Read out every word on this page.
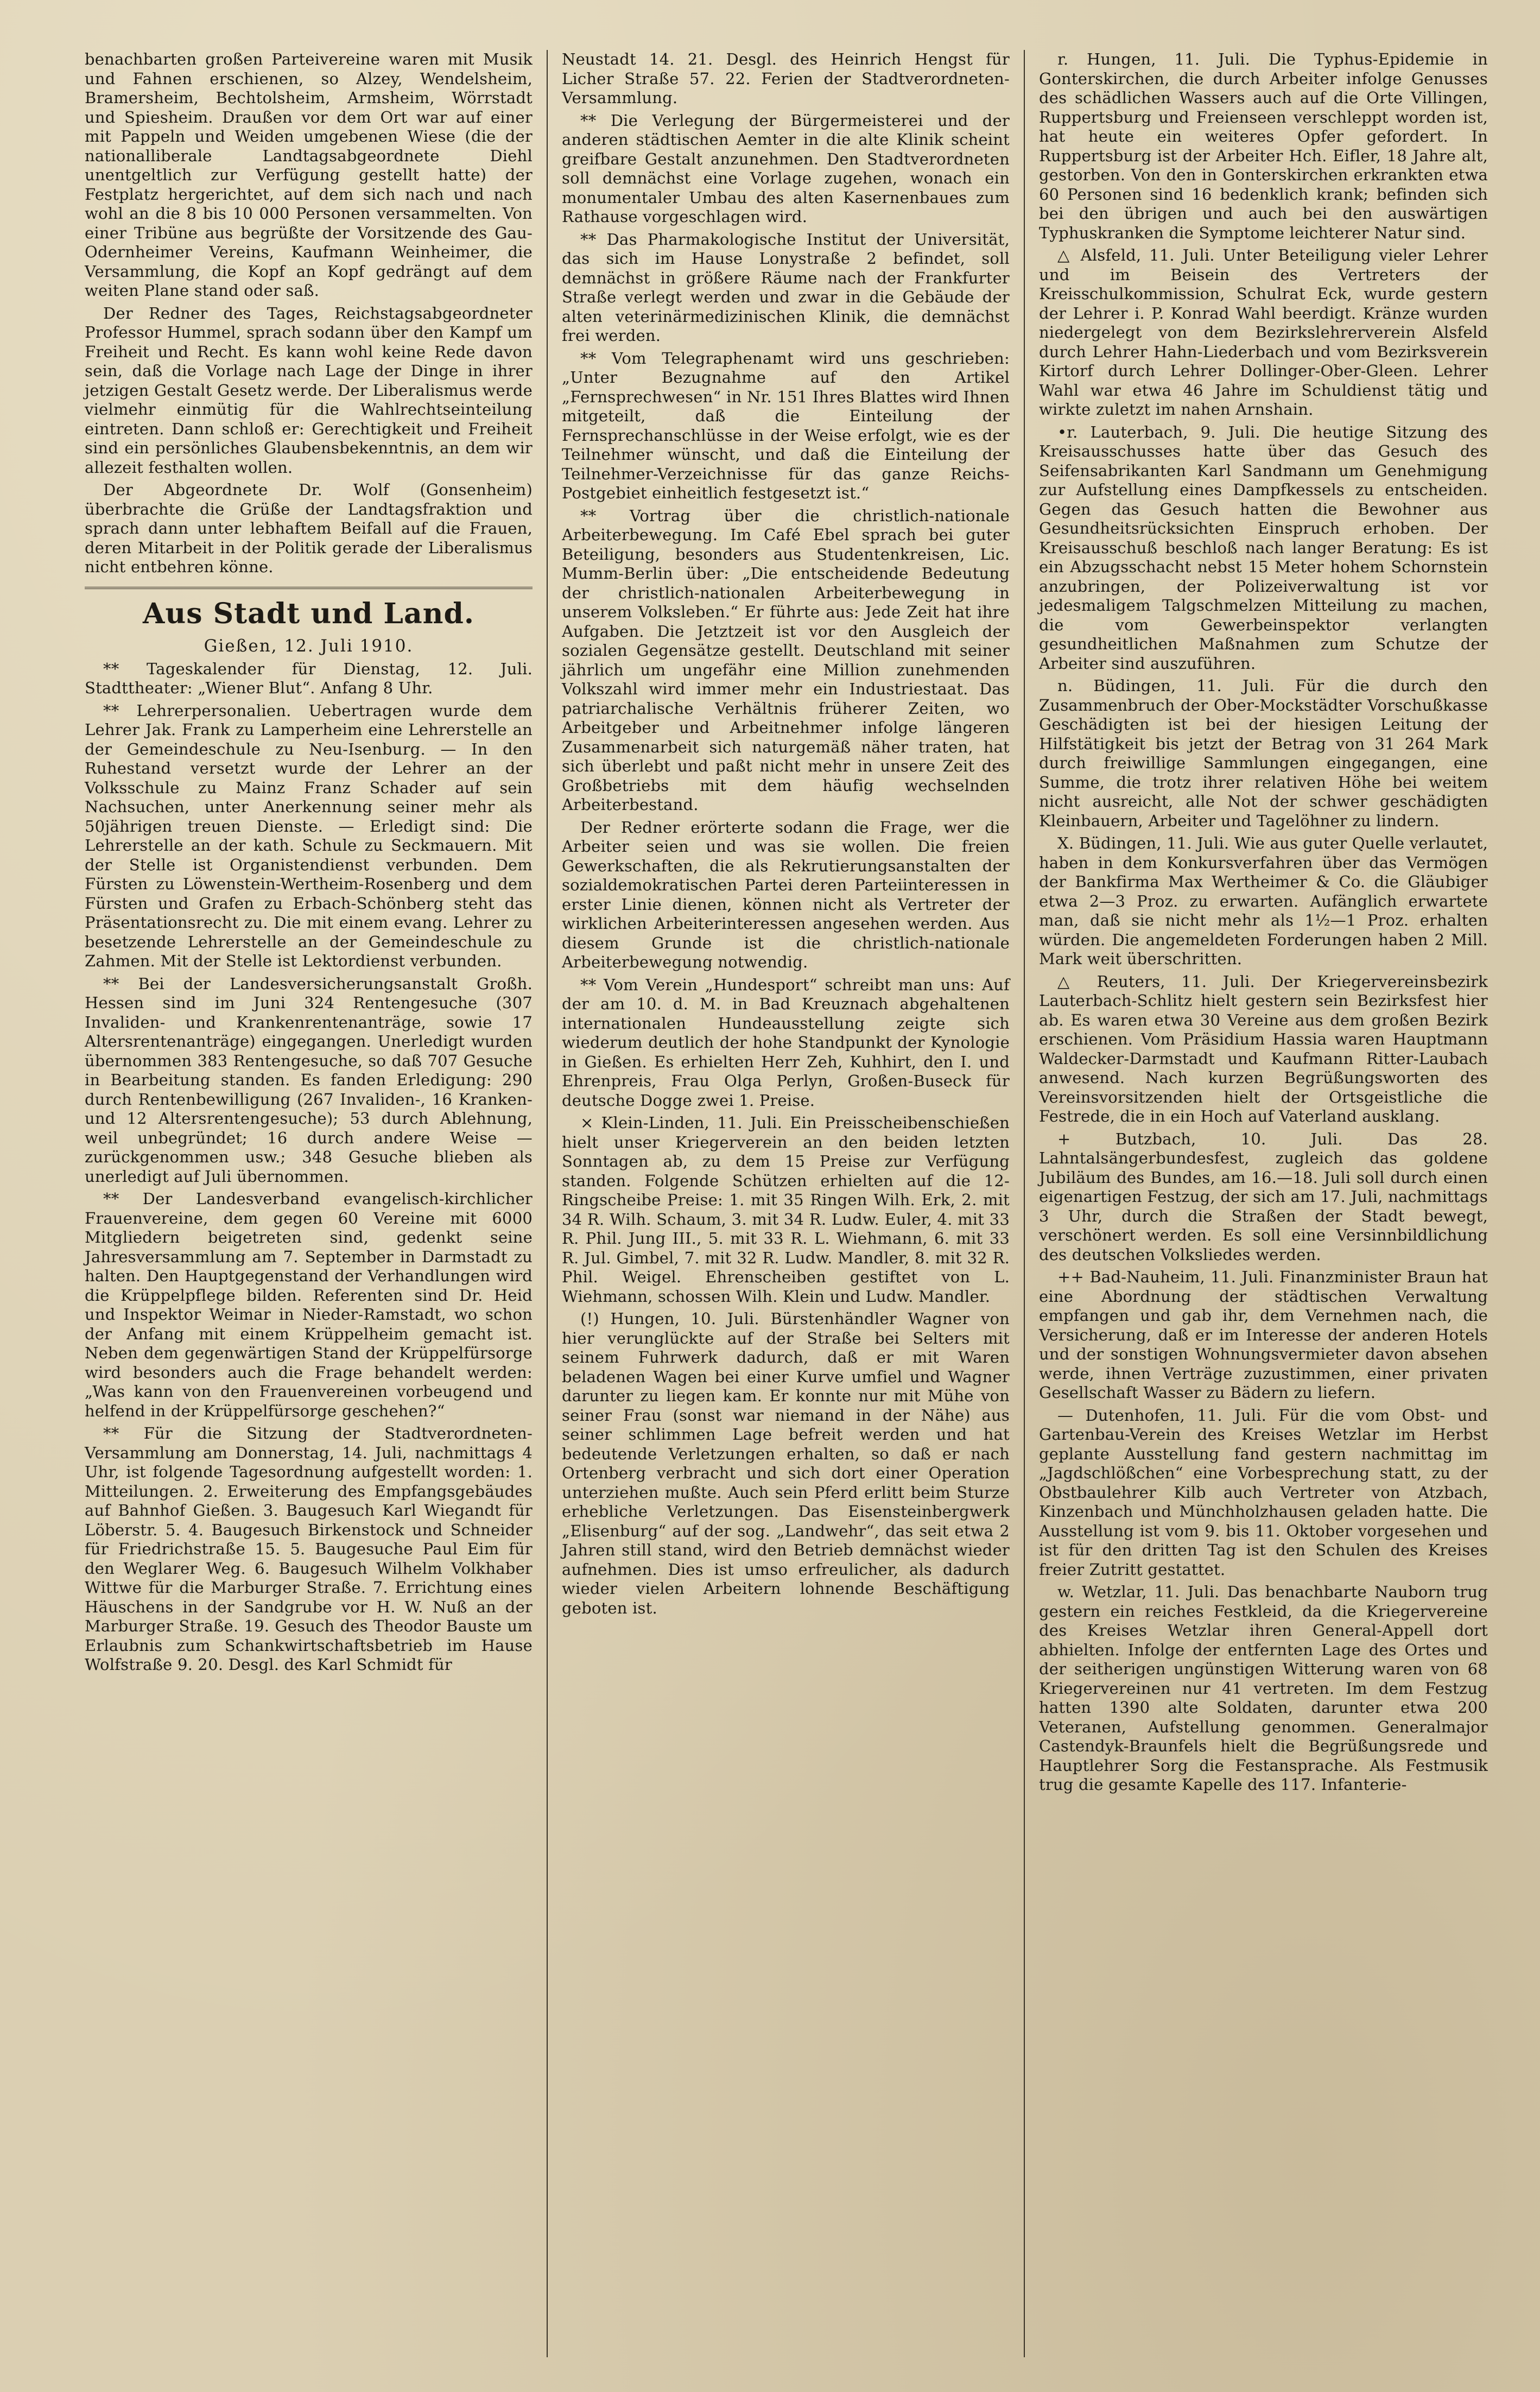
benachbarten großen Parteivereine waren mit Musik und Fahnen erschienen, so Alzey, Wendelsheim, Bramersheim, Bechtolsheim, Armsheim, Wörrstadt und Spiesheim. Draußen vor dem Ort war auf einer mit Pappeln und Weiden umgebenen Wiese (die der nationalliberale Landtagsabgeordnete Diehl unentgeltlich zur Verfügung gestellt hatte) der Festplatz hergerichtet, auf dem sich nach und nach wohl an die 8 bis 10 000 Personen versammelten. Von einer Tribüne aus begrüßte der Vorsitzende des Gau-Odernheimer Vereins, Kaufmann Weinheimer, die Versammlung, die Kopf an Kopf gedrängt auf dem weiten Plane stand oder saß.

Der Redner des Tages, Reichstagsabgeordneter Professor Hummel, sprach sodann über den Kampf um Freiheit und Recht. Es kann wohl keine Rede davon sein, daß die Vorlage nach Lage der Dinge in ihrer jetzigen Gestalt Gesetz werde. Der Liberalismus werde vielmehr einmütig für die Wahlrechtseinteilung eintreten. Dann schloß er: Gerechtigkeit und Freiheit sind ein persönliches Glaubensbekenntnis, an dem wir allezeit festhalten wollen.

Der Abgeordnete Dr. Wolf (Gonsenheim) überbrachte die Grüße der Landtagsfraktion und sprach dann unter lebhaftem Beifall auf die Frauen, deren Mitarbeit in der Politik gerade der Liberalismus nicht entbehren könne.

Aus Stadt und Land.
Gießen, 12. Juli 1910.

** Tageskalender für Dienstag, 12. Juli. Stadttheater: „Wiener Blut“. Anfang 8 Uhr.

** Lehrerpersonalien. Uebertragen wurde dem Lehrer Jak. Frank zu Lamperheim eine Lehrerstelle an der Gemeindeschule zu Neu-Isenburg. — In den Ruhestand versetzt wurde der Lehrer an der Volksschule zu Mainz Franz Schader auf sein Nachsuchen, unter Anerkennung seiner mehr als 50jährigen treuen Dienste. — Erledigt sind: Die Lehrerstelle an der kath. Schule zu Seckmauern. Mit der Stelle ist Organistendienst verbunden. Dem Fürsten zu Löwenstein-Wertheim-Rosenberg und dem Fürsten und Grafen zu Erbach-Schönberg steht das Präsentationsrecht zu. Die mit einem evang. Lehrer zu besetzende Lehrerstelle an der Gemeindeschule zu Zahmen. Mit der Stelle ist Lektordienst verbunden.

** Bei der Landesversicherungsanstalt Großh. Hessen sind im Juni 324 Rentengesuche (307 Invaliden- und Krankenrentenanträge, sowie 17 Altersrentenanträge) eingegangen. Unerledigt wurden übernommen 383 Rentengesuche, so daß 707 Gesuche in Bearbeitung standen. Es fanden Erledigung: 290 durch Rentenbewilligung (267 Invaliden-, 16 Kranken- und 12 Altersrentengesuche); 53 durch Ablehnung, weil unbegründet; 16 durch andere Weise — zurückgenommen usw.; 348 Gesuche blieben als unerledigt auf Juli übernommen.

** Der Landesverband evangelisch-kirchlicher Frauenvereine, dem gegen 60 Vereine mit 6000 Mitgliedern beigetreten sind, gedenkt seine Jahresversammlung am 7. September in Darmstadt zu halten. Den Hauptgegenstand der Verhandlungen wird die Krüppelpflege bilden. Referenten sind Dr. Heid und Inspektor Weimar in Nieder-Ramstadt, wo schon der Anfang mit einem Krüppelheim gemacht ist. Neben dem gegenwärtigen Stand der Krüppelfürsorge wird besonders auch die Frage behandelt werden: „Was kann von den Frauenvereinen vorbeugend und helfend in der Krüppelfürsorge geschehen?“

** Für die Sitzung der Stadtverordneten-Versammlung am Donnerstag, 14. Juli, nachmittags 4 Uhr, ist folgende Tagesordnung aufgestellt worden: 1. Mitteilungen. 2. Erweiterung des Empfangsgebäudes auf Bahnhof Gießen. 3. Baugesuch Karl Wiegandt für Löberstr. 5. 4. Baugesuch Birkenstock und Schneider für Friedrichstraße 15. 5. Baugesuche Paul Eim für den Weglarer Weg. 6. Baugesuch Wilhelm Volkhaber Wittwe für die Marburger Straße. 7. Errichtung eines Häuschens in der Sandgrube vor H. W. Nuß an der Marburger Straße. 19. Gesuch des Theodor Bauste um Erlaubnis zum Schankwirtschaftsbetrieb im Hause Wolfstraße 9. 20. Desgl. des Karl Schmidt für

Neustadt 14. 21. Desgl. des Heinrich Hengst für Licher Straße 57. 22. Ferien der Stadtverordneten-Versammlung.

** Die Verlegung der Bürgermeisterei und der anderen städtischen Aemter in die alte Klinik scheint greifbare Gestalt anzunehmen. Den Stadtverordneten soll demnächst eine Vorlage zugehen, wonach ein monumentaler Umbau des alten Kasernenbaues zum Rathause vorgeschlagen wird.

** Das Pharmakologische Institut der Universität, das sich im Hause Lonystraße 2 befindet, soll demnächst in größere Räume nach der Frankfurter Straße verlegt werden und zwar in die Gebäude der alten veterinärmedizinischen Klinik, die demnächst frei werden.

** Vom Telegraphenamt wird uns geschrieben: „Unter Bezugnahme auf den Artikel „Fernsprechwesen“ in Nr. 151 Ihres Blattes wird Ihnen mitgeteilt, daß die Einteilung der Fernsprechanschlüsse in der Weise erfolgt, wie es der Teilnehmer wünscht, und daß die Einteilung der Teilnehmer-Verzeichnisse für das ganze Reichs-Postgebiet einheitlich festgesetzt ist.“

** Vortrag über die christlich-nationale Arbeiterbewegung. Im Café Ebel sprach bei guter Beteiligung, besonders aus Studentenkreisen, Lic. Mumm-Berlin über: „Die entscheidende Bedeutung der christlich-nationalen Arbeiterbewegung in unserem Volksleben.“ Er führte aus: Jede Zeit hat ihre Aufgaben. Die Jetztzeit ist vor den Ausgleich der sozialen Gegensätze gestellt. Deutschland mit seiner jährlich um ungefähr eine Million zunehmenden Volkszahl wird immer mehr ein Industriestaat. Das patriarchalische Verhältnis früherer Zeiten, wo Arbeitgeber und Arbeitnehmer infolge längeren Zusammenarbeit sich naturgemäß näher traten, hat sich überlebt und paßt nicht mehr in unsere Zeit des Großbetriebs mit dem häufig wechselnden Arbeiterbestand.

Der Redner erörterte sodann die Frage, wer die Arbeiter seien und was sie wollen. Die freien Gewerkschaften, die als Rekrutierungsanstalten der sozialdemokratischen Partei deren Parteiinteressen in erster Linie dienen, können nicht als Vertreter der wirklichen Arbeiterinteressen angesehen werden. Aus diesem Grunde ist die christlich-nationale Arbeiterbewegung notwendig.

** Vom Verein „Hundesport“ schreibt man uns: Auf der am 10. d. M. in Bad Kreuznach abgehaltenen internationalen Hundeausstellung zeigte sich wiederum deutlich der hohe Standpunkt der Kynologie in Gießen. Es erhielten Herr Zeh, Kuhhirt, den I. und Ehrenpreis, Frau Olga Perlyn, Großen-Buseck für deutsche Dogge zwei 1. Preise.

× Klein-Linden, 11. Juli. Ein Preisscheibenschießen hielt unser Kriegerverein an den beiden letzten Sonntagen ab, zu dem 15 Preise zur Verfügung standen. Folgende Schützen erhielten auf die 12-Ringscheibe Preise: 1. mit 35 Ringen Wilh. Erk, 2. mit 34 R. Wilh. Schaum, 3. mit 34 R. Ludw. Euler, 4. mit 33 R. Phil. Jung III., 5. mit 33 R. L. Wiehmann, 6. mit 33 R. Jul. Gimbel, 7. mit 32 R. Ludw. Mandler, 8. mit 32 R. Phil. Weigel. Ehrenscheiben gestiftet von L. Wiehmann, schossen Wilh. Klein und Ludw. Mandler.

(!) Hungen, 10. Juli. Bürstenhändler Wagner von hier verunglückte auf der Straße bei Selters mit seinem Fuhrwerk dadurch, daß er mit Waren beladenen Wagen bei einer Kurve umfiel und Wagner darunter zu liegen kam. Er konnte nur mit Mühe von seiner Frau (sonst war niemand in der Nähe) aus seiner schlimmen Lage befreit werden und hat bedeutende Verletzungen erhalten, so daß er nach Ortenberg verbracht und sich dort einer Operation unterziehen mußte. Auch sein Pferd erlitt beim Sturze erhebliche Verletzungen. Das Eisensteinbergwerk „Elisenburg“ auf der sog. „Landwehr“, das seit etwa 2 Jahren still stand, wird den Betrieb demnächst wieder aufnehmen. Dies ist umso erfreulicher, als dadurch wieder vielen Arbeitern lohnende Beschäftigung geboten ist.

r. Hungen, 11. Juli. Die Typhus-Epidemie in Gonterskirchen, die durch Arbeiter infolge Genusses des schädlichen Wassers auch auf die Orte Villingen, Ruppertsburg und Freienseen verschleppt worden ist, hat heute ein weiteres Opfer gefordert. In Ruppertsburg ist der Arbeiter Hch. Eifler, 18 Jahre alt, gestorben. Von den in Gonterskirchen erkrankten etwa 60 Personen sind 16 bedenklich krank; befinden sich bei den übrigen und auch bei den auswärtigen Typhuskranken die Symptome leichterer Natur sind.

△ Alsfeld, 11. Juli. Unter Beteiligung vieler Lehrer und im Beisein des Vertreters der Kreisschulkommission, Schulrat Eck, wurde gestern der Lehrer i. P. Konrad Wahl beerdigt. Kränze wurden niedergelegt von dem Bezirkslehrerverein Alsfeld durch Lehrer Hahn-Liederbach und vom Bezirksverein Kirtorf durch Lehrer Dollinger-Ober-Gleen. Lehrer Wahl war etwa 46 Jahre im Schuldienst tätig und wirkte zuletzt im nahen Arnshain.

•r. Lauterbach, 9. Juli. Die heutige Sitzung des Kreisausschusses hatte über das Gesuch des Seifensabrikanten Karl Sandmann um Genehmigung zur Aufstellung eines Dampfkessels zu entscheiden. Gegen das Gesuch hatten die Bewohner aus Gesundheitsrücksichten Einspruch erhoben. Der Kreisausschuß beschloß nach langer Beratung: Es ist ein Abzugsschacht nebst 15 Meter hohem Schornstein anzubringen, der Polizeiverwaltung ist vor jedesmaligem Talgschmelzen Mitteilung zu machen, die vom Gewerbeinspektor verlangten gesundheitlichen Maßnahmen zum Schutze der Arbeiter sind auszuführen.

n. Büdingen, 11. Juli. Für die durch den Zusammenbruch der Ober-Mockstädter Vorschußkasse Geschädigten ist bei der hiesigen Leitung der Hilfstätigkeit bis jetzt der Betrag von 31 264 Mark durch freiwillige Sammlungen eingegangen, eine Summe, die trotz ihrer relativen Höhe bei weitem nicht ausreicht, alle Not der schwer geschädigten Kleinbauern, Arbeiter und Tagelöhner zu lindern.

X. Büdingen, 11. Juli. Wie aus guter Quelle verlautet, haben in dem Konkursverfahren über das Vermögen der Bankfirma Max Wertheimer & Co. die Gläubiger etwa 2—3 Proz. zu erwarten. Aufänglich erwartete man, daß sie nicht mehr als 1½—1 Proz. erhalten würden. Die angemeldeten Forderungen haben 2 Mill. Mark weit überschritten.

△ Reuters, 11. Juli. Der Kriegervereinsbezirk Lauterbach-Schlitz hielt gestern sein Bezirksfest hier ab. Es waren etwa 30 Vereine aus dem großen Bezirk erschienen. Vom Präsidium Hassia waren Hauptmann Waldecker-Darmstadt und Kaufmann Ritter-Laubach anwesend. Nach kurzen Begrüßungsworten des Vereinsvorsitzenden hielt der Ortsgeistliche die Festrede, die in ein Hoch auf Vaterland ausklang.

+ Butzbach, 10. Juli. Das 28. Lahntalsängerbundesfest, zugleich das goldene Jubiläum des Bundes, am 16.—18. Juli soll durch einen eigenartigen Festzug, der sich am 17. Juli, nachmittags 3 Uhr, durch die Straßen der Stadt bewegt, verschönert werden. Es soll eine Versinnbildlichung des deutschen Volksliedes werden.

++ Bad-Nauheim, 11. Juli. Finanzminister Braun hat eine Abordnung der städtischen Verwaltung empfangen und gab ihr, dem Vernehmen nach, die Versicherung, daß er im Interesse der anderen Hotels und der sonstigen Wohnungsvermieter davon absehen werde, ihnen Verträge zuzustimmen, einer privaten Gesellschaft Wasser zu Bädern zu liefern.

— Dutenhofen, 11. Juli. Für die vom Obst- und Gartenbau-Verein des Kreises Wetzlar im Herbst geplante Ausstellung fand gestern nachmittag im „Jagdschlößchen“ eine Vorbesprechung statt, zu der Obstbaulehrer Kilb auch Vertreter von Atzbach, Kinzenbach und Münchholzhausen geladen hatte. Die Ausstellung ist vom 9. bis 11. Oktober vorgesehen und ist für den dritten Tag ist den Schulen des Kreises freier Zutritt gestattet.

w. Wetzlar, 11. Juli. Das benachbarte Nauborn trug gestern ein reiches Festkleid, da die Kriegervereine des Kreises Wetzlar ihren General-Appell dort abhielten. Infolge der entfernten Lage des Ortes und der seitherigen ungünstigen Witterung waren von 68 Kriegervereinen nur 41 vertreten. Im dem Festzug hatten 1390 alte Soldaten, darunter etwa 200 Veteranen, Aufstellung genommen. Generalmajor Castendyk-Braunfels hielt die Begrüßungsrede und Hauptlehrer Sorg die Festansprache. Als Festmusik trug die gesamte Kapelle des 117. Infanterie-
